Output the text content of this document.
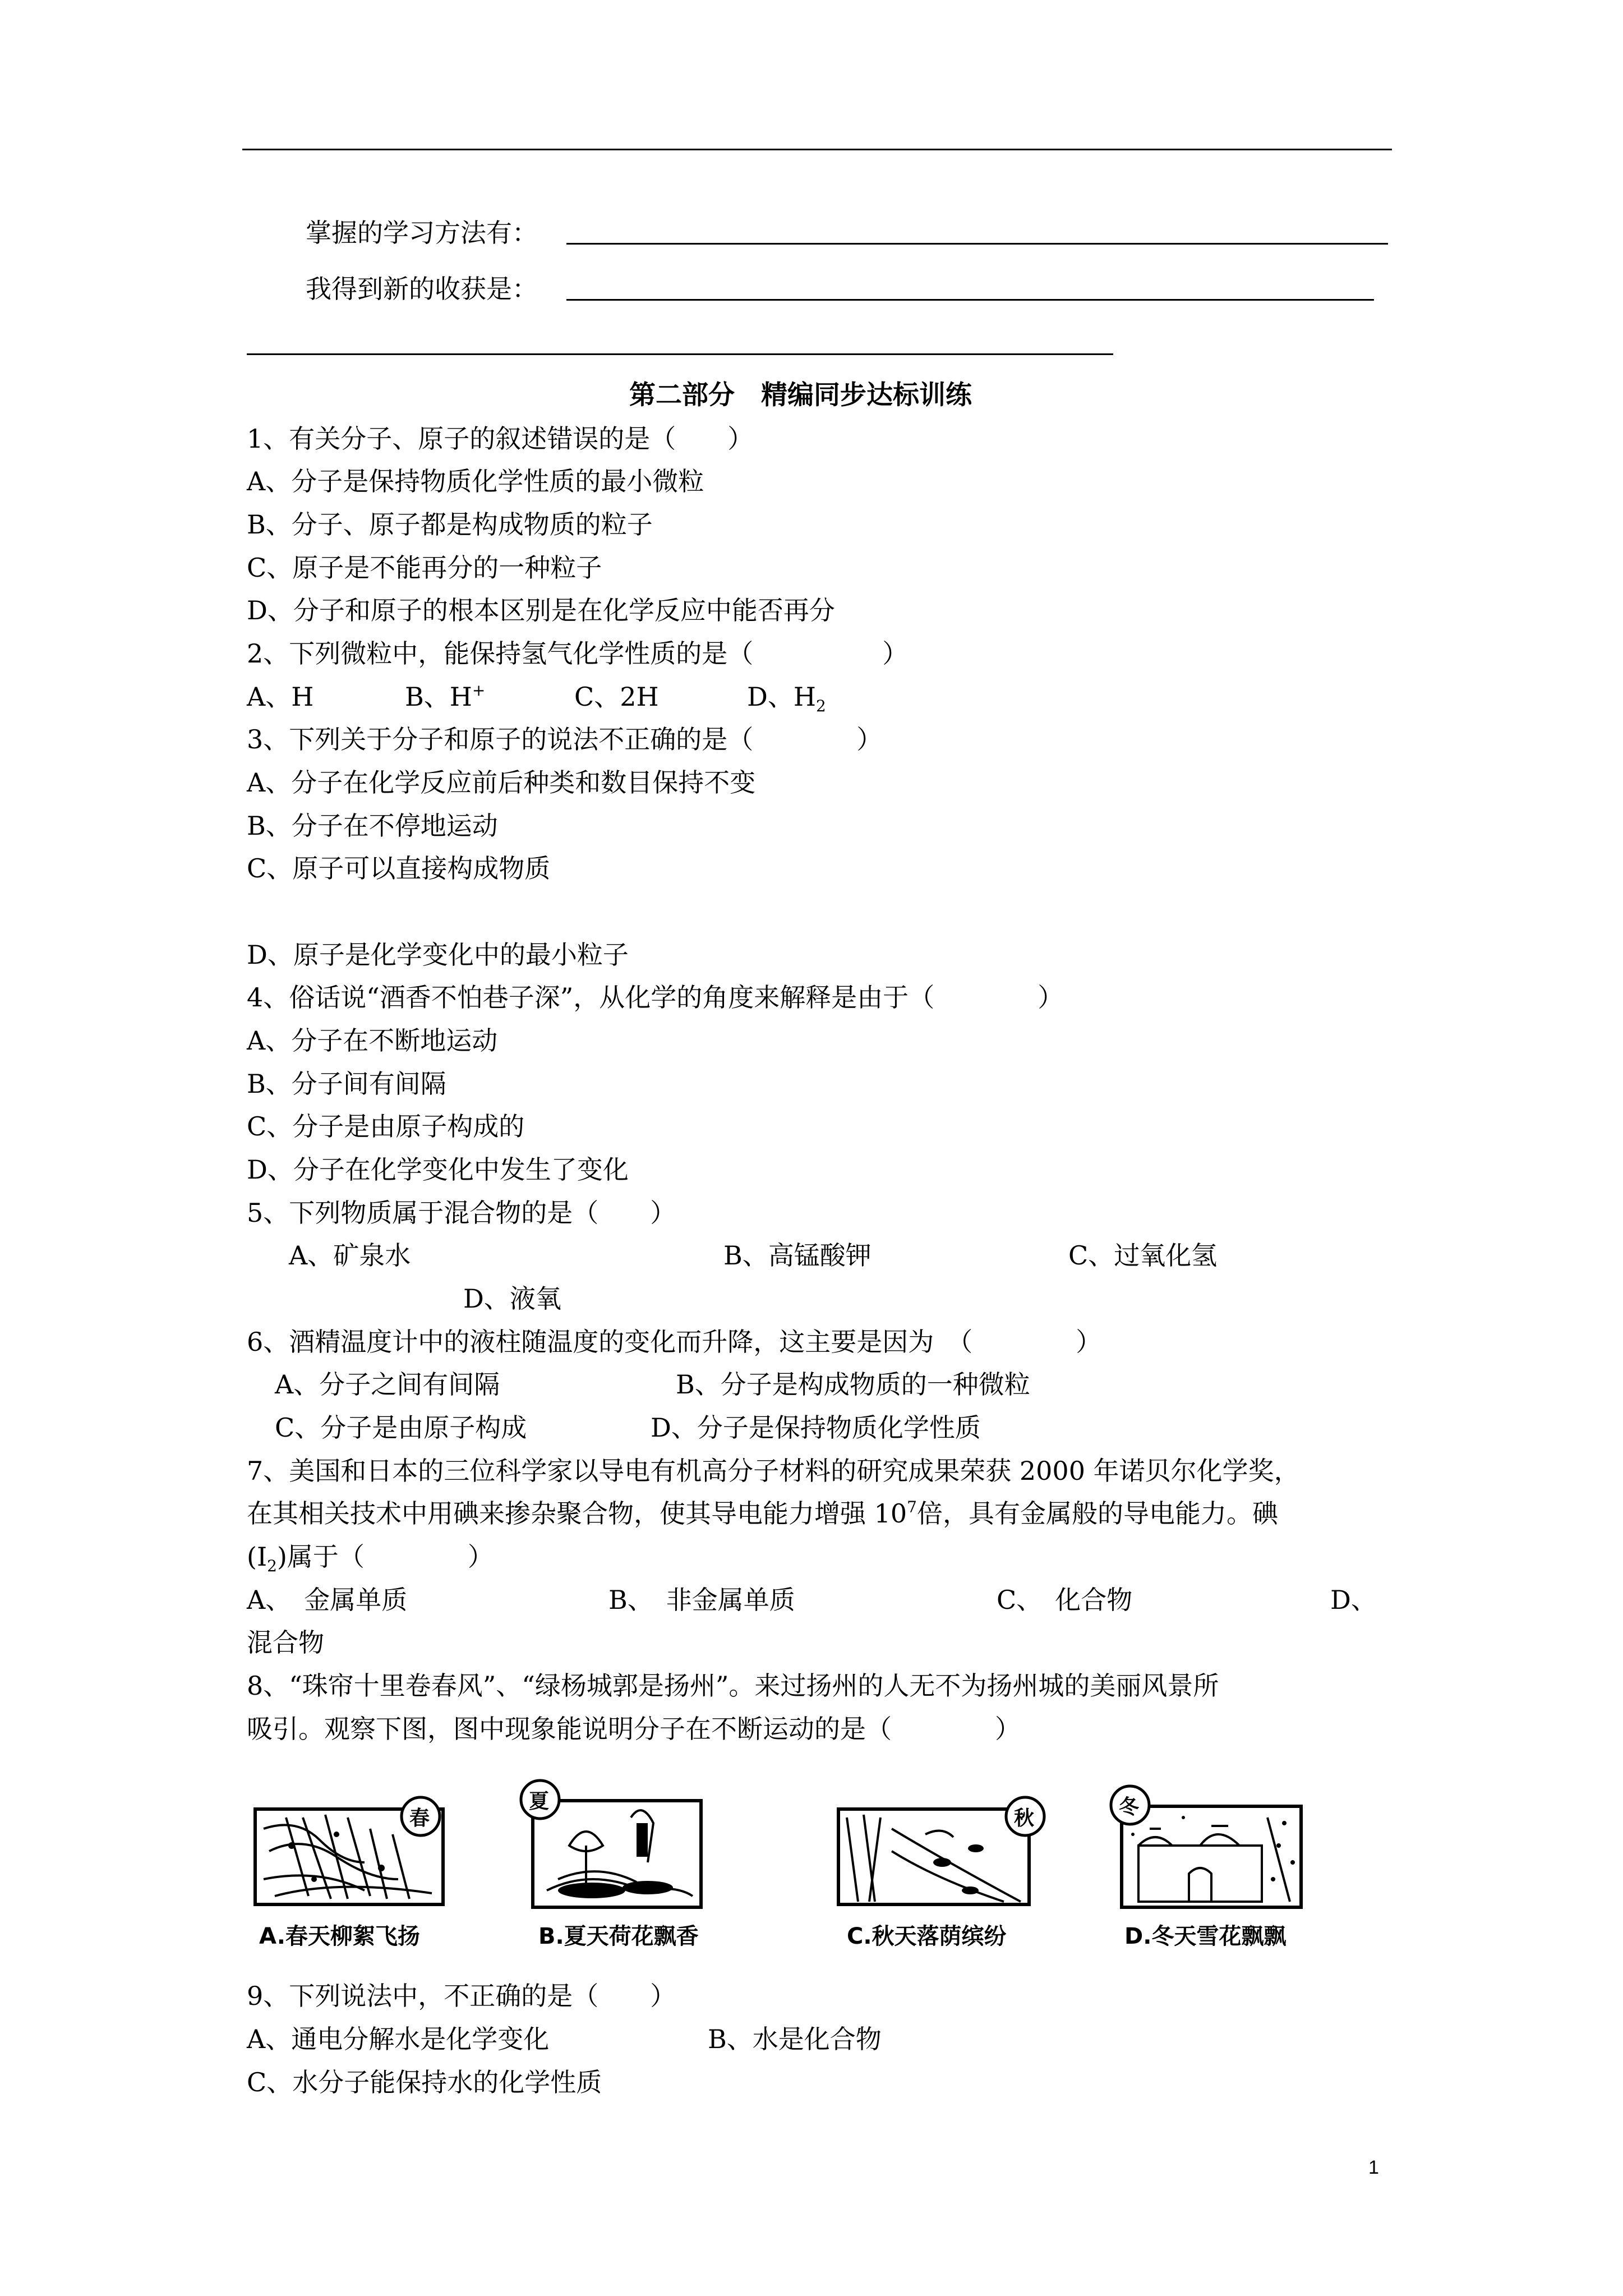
掌握的学习方法有：
我得到新的收获是：
第二部分　精编同步达标训练
1、有关分子、原子的叙述错误的是（　　）
A、分子是保持物质化学性质的最小微粒
B、分子、原子都是构成物质的粒子
C、原子是不能再分的一种粒子
D、分子和原子的根本区别是在化学反应中能否再分
2、下列微粒中，能保持氢气化学性质的是（　　　　　）
A、H	B、H+	C、2H	D、$H_2$
3、下列关于分子和原子的说法不正确的是（　　　　）
A、分子在化学反应前后种类和数目保持不变
B、分子在不停地运动
C、原子可以直接构成物质
D、原子是化学变化中的最小粒子
4、俗话说“酒香不怕巷子深”，从化学的角度来解释是由于（　　　　）
A、分子在不断地运动
B、分子间有间隔
C、分子是由原子构成的
D、分子在化学变化中发生了变化
5、下列物质属于混合物的是（　　）
A、矿泉水	B、高锰酸钾	C、过氧化氢
D、液氧
6、酒精温度计中的液柱随温度的变化而升降，这主要是因为　（　　　　）
A、分子之间有间隔	B、分子是构成物质的一种微粒
C、分子是由原子构成	D、分子是保持物质化学性质
7、美国和日本的三位科学家以导电有机高分子材料的研究成果荣获 2000 年诺贝尔化学奖，
在其相关技术中用碘来掺杂聚合物，使其导电能力增强 $10^7$倍，具有金属般的导电能力。碘
$(I_2)$属于（　　　　）
A、　金属单质	B、　非金属单质	C、　化合物	D、
混合物
8、“珠帘十里卷春风”、“绿杨城郭是扬州”。来过扬州的人无不为扬州城的美丽风景所
吸引。观察下图，图中现象能说明分子在不断运动的是（　　　　）
春
A.春天柳絮飞扬
夏
B.夏天荷花飘香
秋
C.秋天落荫缤纷
冬
D.冬天雪花飘飘
9、下列说法中，不正确的是（　　）
A、通电分解水是化学变化	B、水是化合物
C、水分子能保持水的化学性质
1
